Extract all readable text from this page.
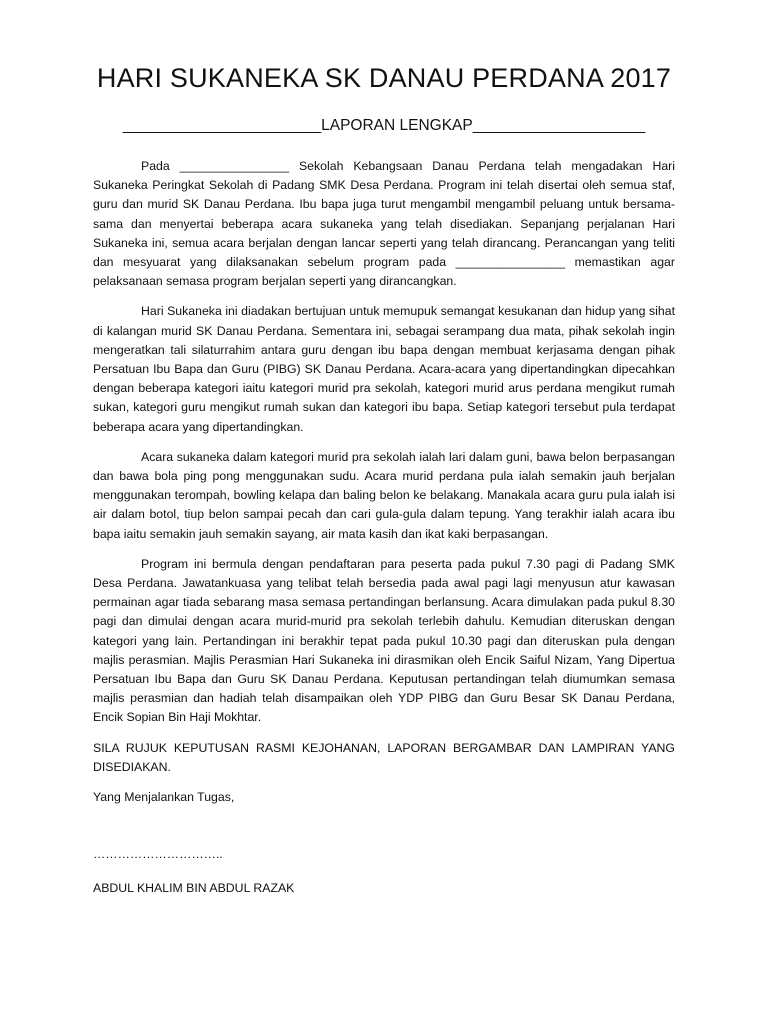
HARI SUKANEKA SK DANAU PERDANA 2017
_______________________LAPORAN LENGKAP____________________

Pada ________________ Sekolah Kebangsaan Danau Perdana telah mengadakan Hari Sukaneka Peringkat Sekolah di Padang SMK Desa Perdana. Program ini telah disertai oleh semua staf, guru dan murid SK Danau Perdana. Ibu bapa juga turut mengambil mengambil peluang untuk bersama-sama dan menyertai beberapa acara sukaneka yang telah disediakan. Sepanjang perjalanan Hari Sukaneka ini, semua acara berjalan dengan lancar seperti yang telah dirancang. Perancangan yang teliti dan mesyuarat yang dilaksanakan sebelum program pada ________________ memastikan agar pelaksanaan semasa program berjalan seperti yang dirancangkan.

Hari Sukaneka ini diadakan bertujuan untuk memupuk semangat kesukanan dan hidup yang sihat di kalangan murid SK Danau Perdana. Sementara ini, sebagai serampang dua mata, pihak sekolah ingin mengeratkan tali silaturrahim antara guru dengan ibu bapa dengan membuat kerjasama dengan pihak Persatuan Ibu Bapa dan Guru (PIBG) SK Danau Perdana. Acara-acara yang dipertandingkan dipecahkan dengan beberapa kategori iaitu kategori murid pra sekolah, kategori murid arus perdana mengikut rumah sukan, kategori guru mengikut rumah sukan dan kategori ibu bapa. Setiap kategori tersebut pula terdapat beberapa acara yang dipertandingkan.

Acara sukaneka dalam kategori murid pra sekolah ialah lari dalam guni, bawa belon berpasangan dan bawa bola ping pong menggunakan sudu. Acara murid perdana pula ialah semakin jauh berjalan menggunakan terompah, bowling kelapa dan baling belon ke belakang. Manakala acara guru pula ialah isi air dalam botol, tiup belon sampai pecah dan cari gula-gula dalam tepung. Yang terakhir ialah acara ibu bapa iaitu semakin jauh semakin sayang, air mata kasih dan ikat kaki berpasangan.

Program ini bermula dengan pendaftaran para peserta pada pukul 7.30 pagi di Padang SMK Desa Perdana. Jawatankuasa yang telibat telah bersedia pada awal pagi lagi menyusun atur kawasan permainan agar tiada sebarang masa semasa pertandingan berlansung. Acara dimulakan pada pukul 8.30 pagi dan dimulai dengan acara murid-murid pra sekolah terlebih dahulu. Kemudian diteruskan dengan kategori yang lain. Pertandingan ini berakhir tepat pada pukul 10.30 pagi dan diteruskan pula dengan majlis perasmian. Majlis Perasmian Hari Sukaneka ini dirasmikan oleh Encik Saiful Nizam, Yang Dipertua Persatuan Ibu Bapa dan Guru SK Danau Perdana. Keputusan pertandingan telah diumumkan semasa majlis perasmian dan hadiah telah disampaikan oleh YDP PIBG dan Guru Besar SK Danau Perdana, Encik Sopian Bin Haji Mokhtar.

SILA RUJUK KEPUTUSAN RASMI KEJOHANAN, LAPORAN BERGAMBAR DAN LAMPIRAN YANG DISEDIAKAN.

Yang Menjalankan Tugas,

…………………………..

ABDUL KHALIM BIN ABDUL RAZAK
